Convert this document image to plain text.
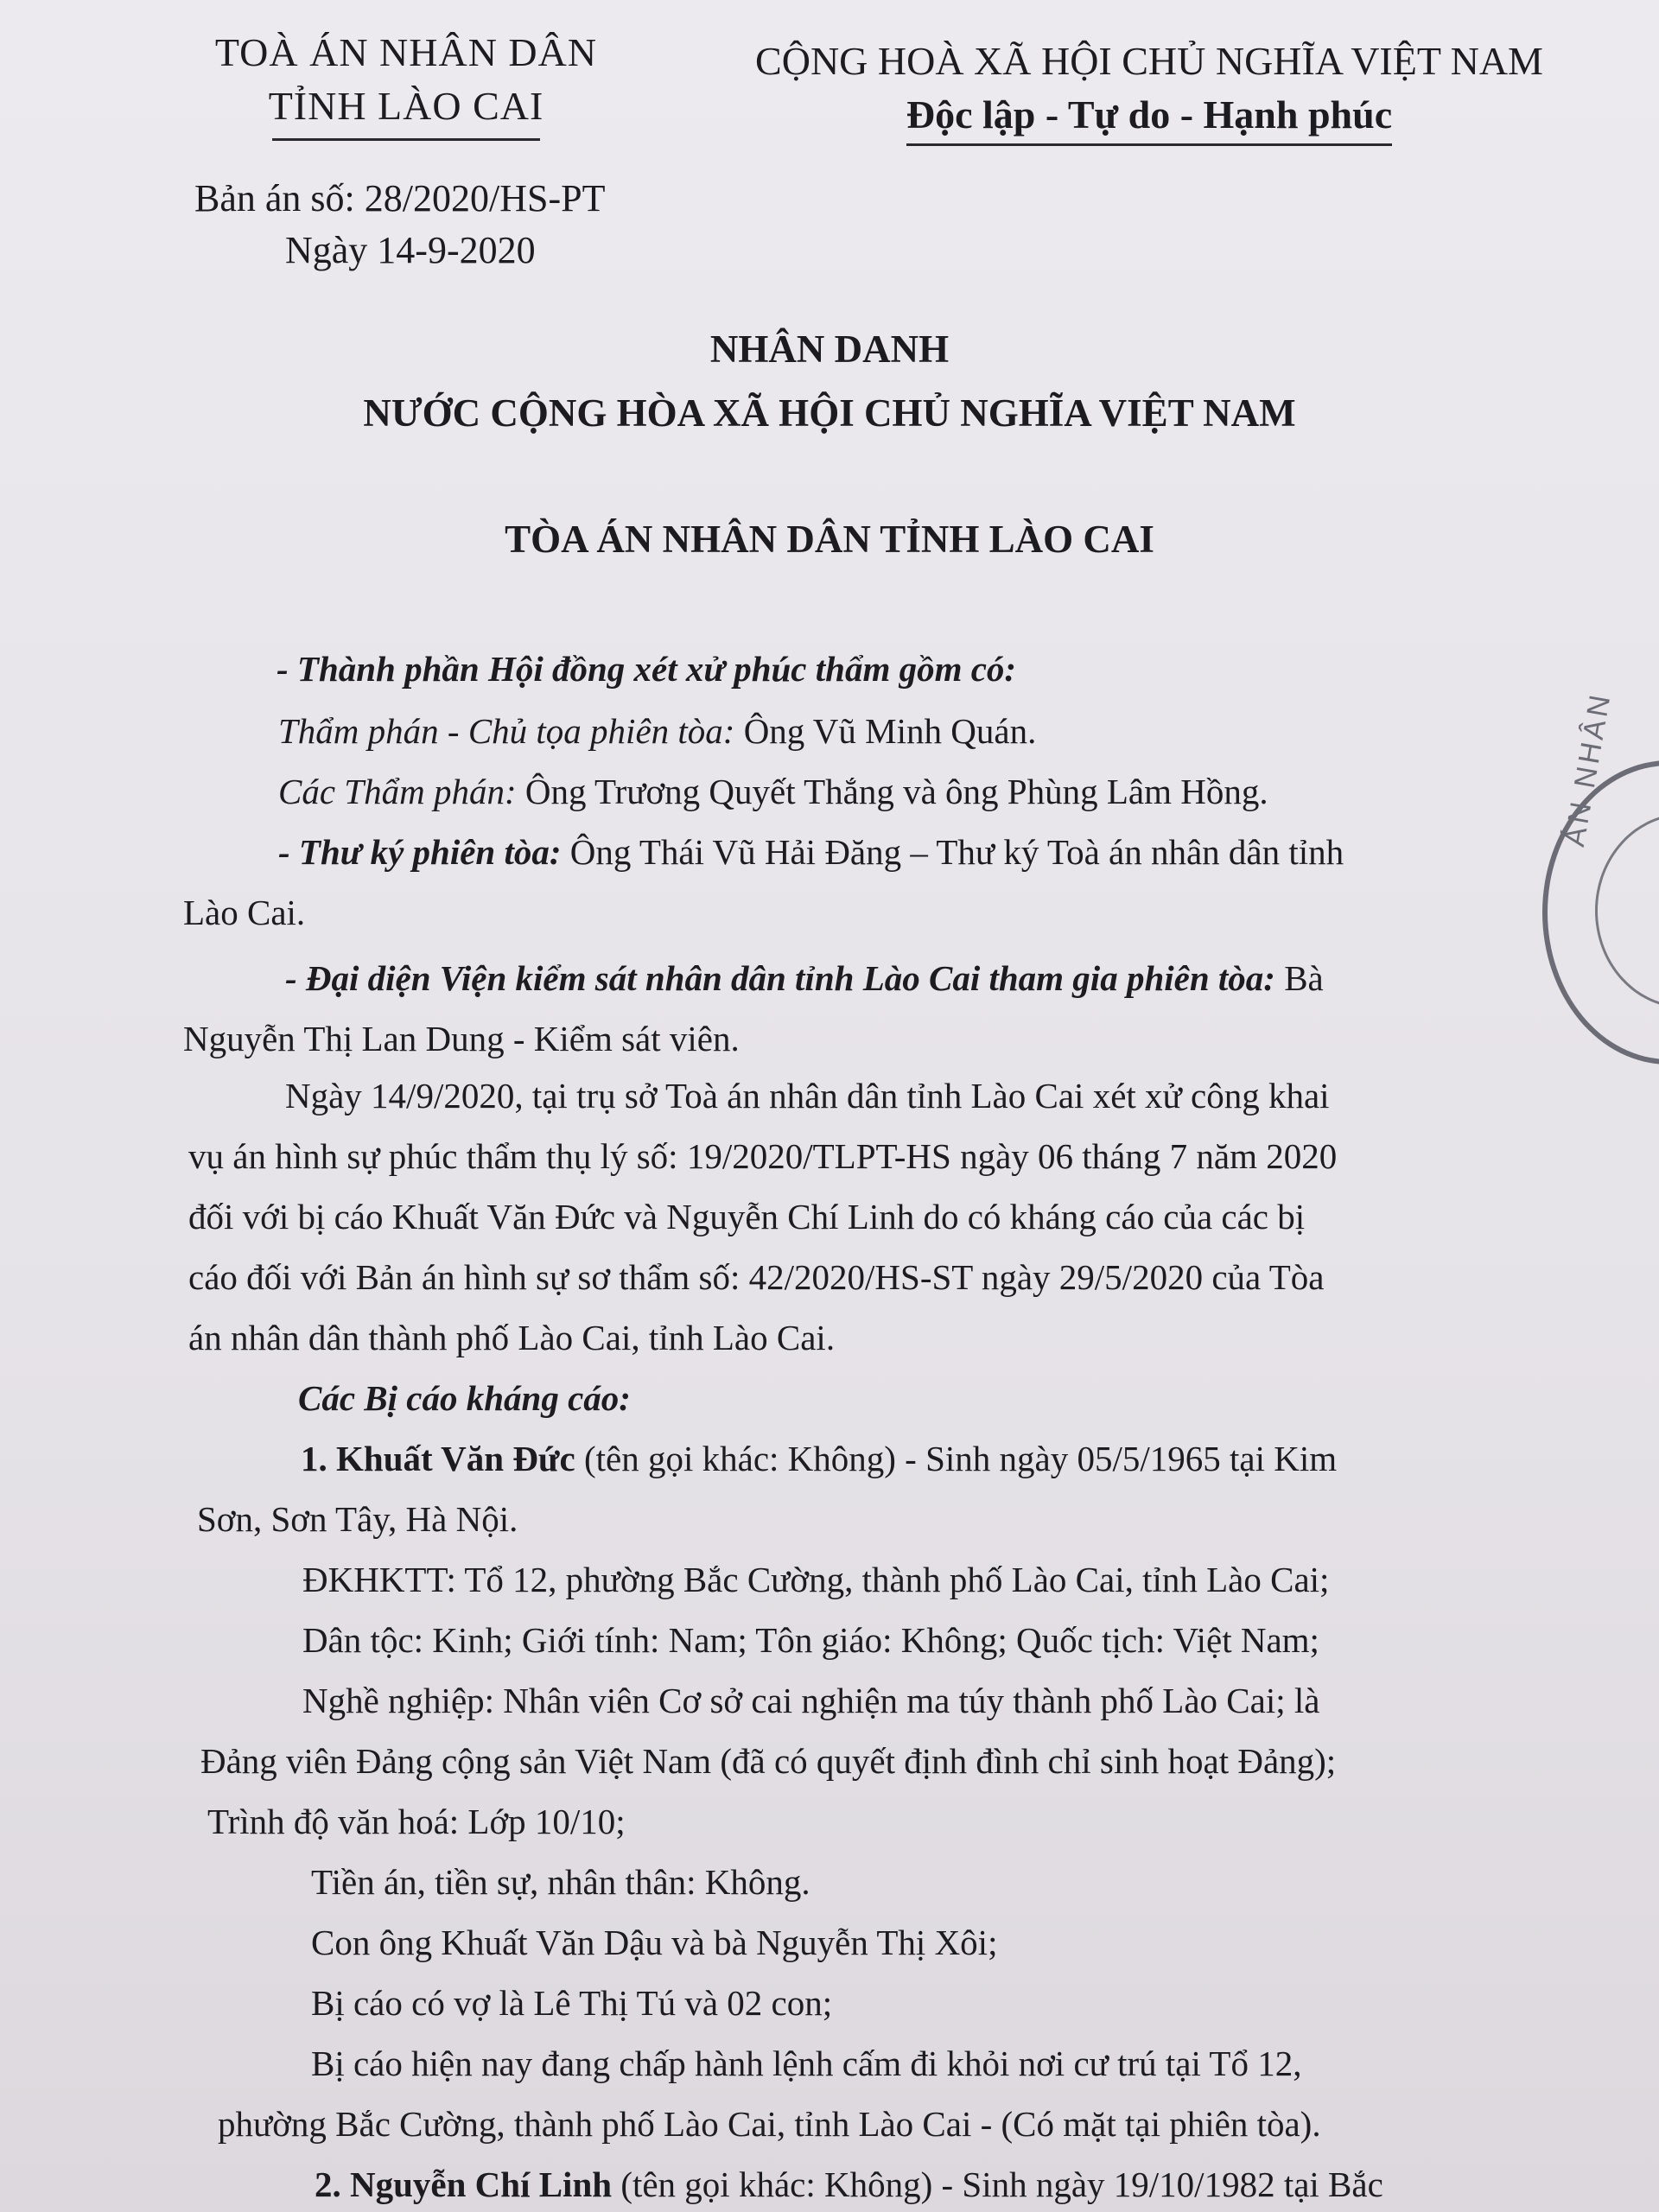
TOÀ ÁN NHÂN DÂN
TỈNH LÀO CAI
CỘNG HOÀ XÃ HỘI CHỦ NGHĨA VIỆT NAM
Độc lập - Tự do - Hạnh phúc
Bản án số: 28/2020/HS-PT
Ngày 14-9-2020
NHÂN DANH
NƯỚC CỘNG HÒA XÃ HỘI CHỦ NGHĨA VIỆT NAM
TÒA ÁN NHÂN DÂN TỈNH LÀO CAI
- Thành phần Hội đồng xét xử phúc thẩm gồm có:
Thẩm phán - Chủ tọa phiên tòa: Ông Vũ Minh Quán.
Các Thẩm phán: Ông Trương Quyết Thắng và ông Phùng Lâm Hồng.
- Thư ký phiên tòa: Ông Thái Vũ Hải Đăng – Thư ký Toà án nhân dân tỉnh
Lào Cai.
- Đại diện Viện kiểm sát nhân dân tỉnh Lào Cai tham gia phiên tòa: Bà
Nguyễn Thị Lan Dung - Kiểm sát viên.
Ngày 14/9/2020, tại trụ sở Toà án nhân dân tỉnh Lào Cai xét xử công khai
vụ án hình sự phúc thẩm thụ lý số: 19/2020/TLPT-HS ngày 06 tháng 7 năm 2020
đối với bị cáo Khuất Văn Đức và Nguyễn Chí Linh do có kháng cáo của các bị
cáo đối với Bản án hình sự sơ thẩm số: 42/2020/HS-ST ngày 29/5/2020 của Tòa
án nhân dân thành phố Lào Cai, tỉnh Lào Cai.
Các Bị cáo kháng cáo:
1. Khuất Văn Đức (tên gọi khác: Không) - Sinh ngày 05/5/1965 tại Kim
Sơn, Sơn Tây, Hà Nội.
ĐKHKTT: Tổ 12, phường Bắc Cường, thành phố Lào Cai, tỉnh Lào Cai;
Dân tộc: Kinh; Giới tính: Nam; Tôn giáo: Không; Quốc tịch: Việt Nam;
Nghề nghiệp: Nhân viên Cơ sở cai nghiện ma túy thành phố Lào Cai; là
Đảng viên Đảng cộng sản Việt Nam (đã có quyết định đình chỉ sinh hoạt Đảng);
Trình độ văn hoá: Lớp 10/10;
Tiền án, tiền sự, nhân thân: Không.
Con ông Khuất Văn Dậu và bà Nguyễn Thị Xôi;
Bị cáo có vợ là Lê Thị Tú và 02 con;
Bị cáo hiện nay đang chấp hành lệnh cấm đi khỏi nơi cư trú tại Tổ 12,
phường Bắc Cường, thành phố Lào Cai, tỉnh Lào Cai - (Có mặt tại phiên tòa).
2. Nguyễn Chí Linh (tên gọi khác: Không) - Sinh ngày 19/10/1982 tại Bắc
ÁN NHÂN
